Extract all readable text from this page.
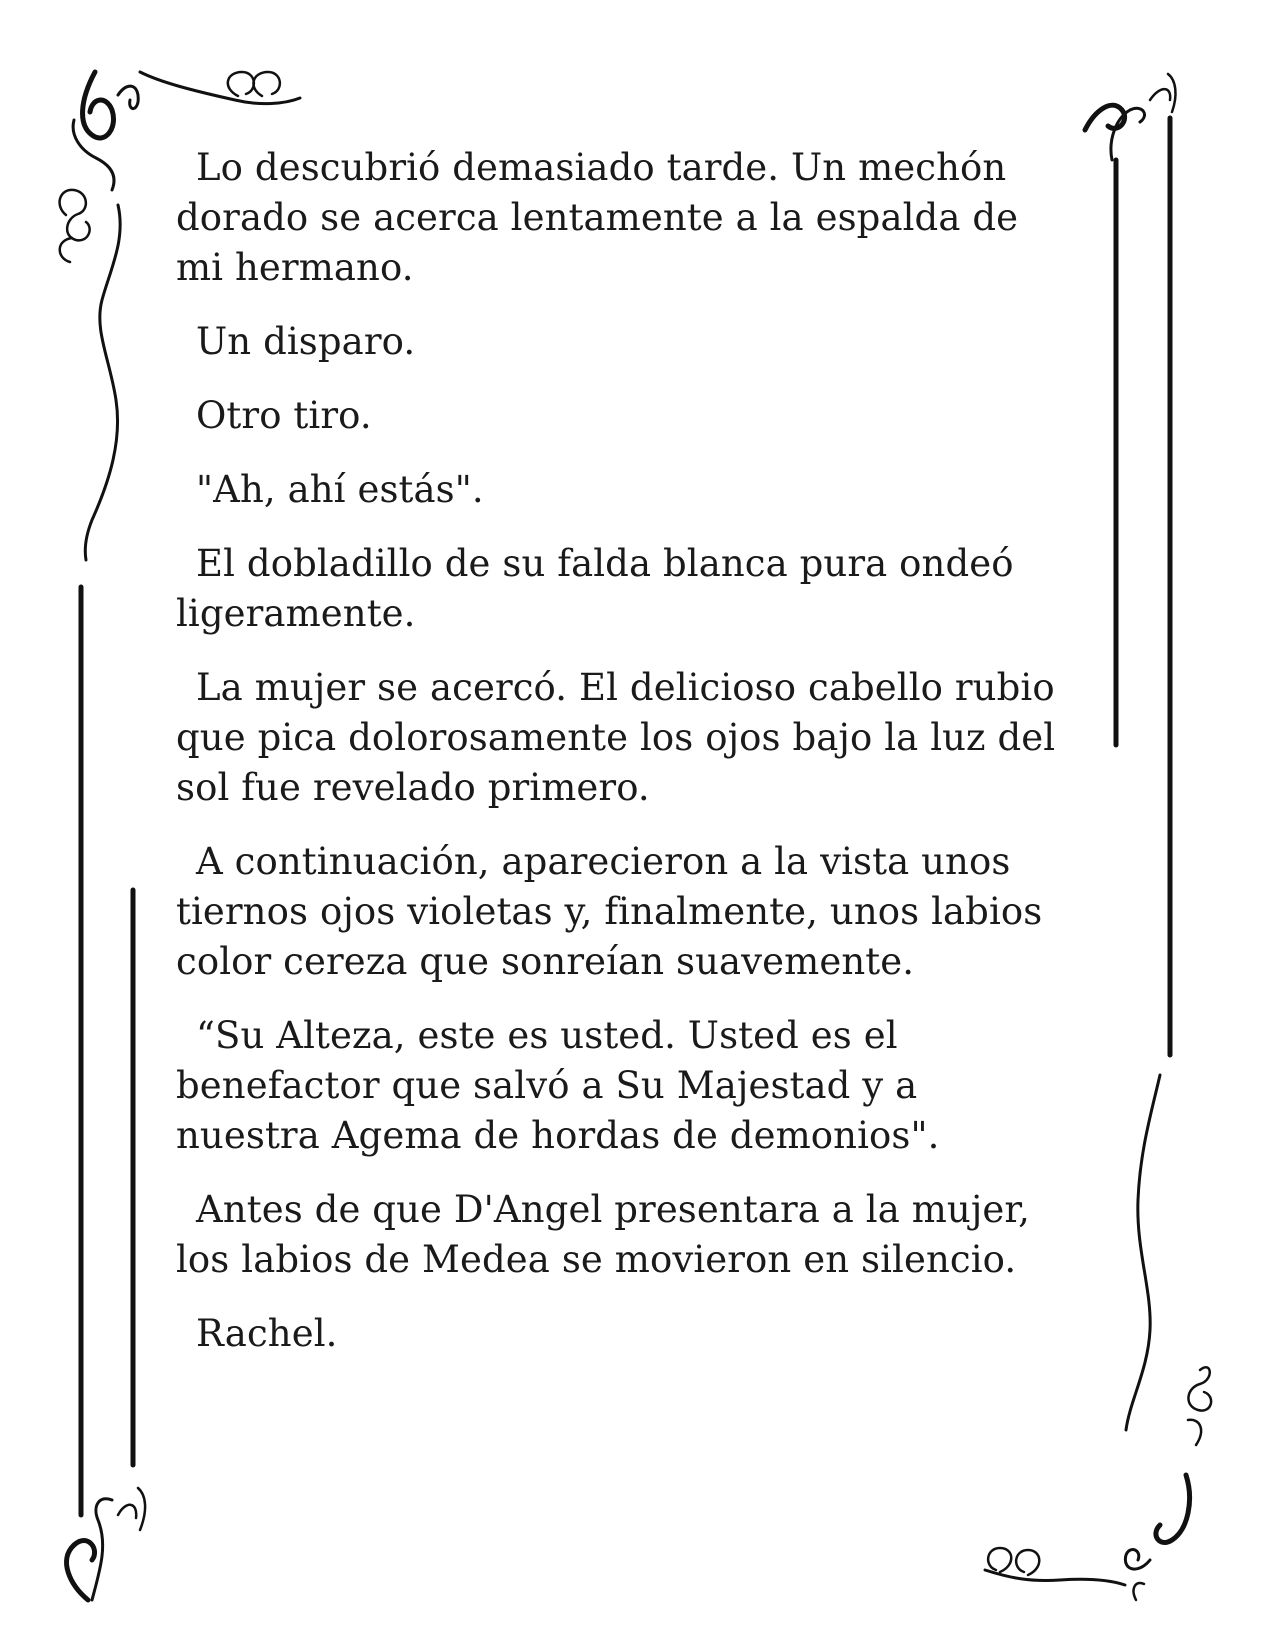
Lo descubrió demasiado tarde. Un mechón dorado se acerca lentamente a la espalda de mi hermano.

Un disparo.

Otro tiro.

"Ah, ahí estás".

El dobladillo de su falda blanca pura ondeó ligeramente.

La mujer se acercó. El delicioso cabello rubio que pica dolorosamente los ojos bajo la luz del sol fue revelado primero.

A continuación, aparecieron a la vista unos tiernos ojos violetas y, finalmente, unos labios color cereza que sonreían suavemente.

“Su Alteza, este es usted. Usted es el benefactor que salvó a Su Majestad y a nuestra Agema de hordas de demonios".

Antes de que D'Angel presentara a la mujer, los labios de Medea se movieron en silencio.

Rachel.
